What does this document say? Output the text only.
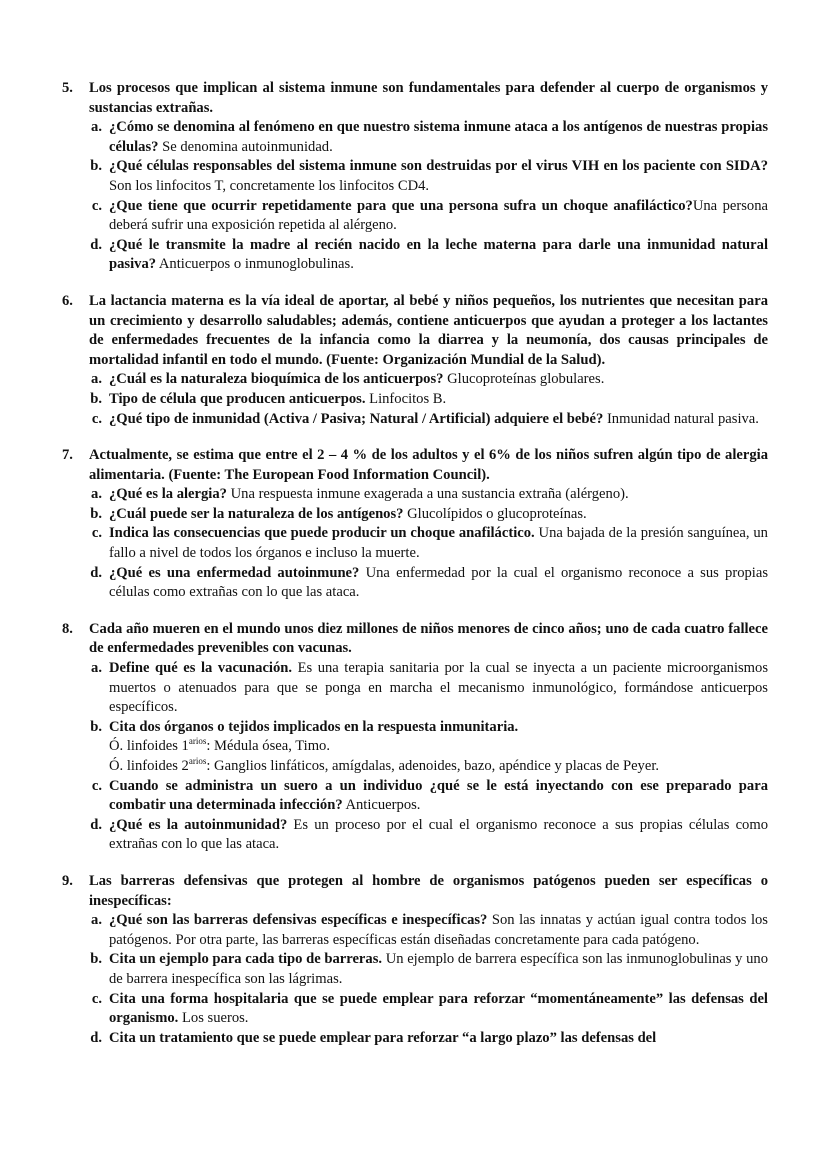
5.	Los procesos que implican al sistema inmune son fundamentales para defender al cuerpo de organismos y sustancias extrañas.
a. ¿Cómo se denomina al fenómeno en que nuestro sistema inmune ataca a los antígenos de nuestras propias células? Se denomina autoinmunidad.
b. ¿Qué células responsables del sistema inmune son destruidas por el virus VIH en los paciente con SIDA? Son los linfocitos T, concretamente los linfocitos CD4.
c. ¿Que tiene que ocurrir repetidamente para que una persona sufra un choque anafiláctico?Una persona deberá sufrir una exposición repetida al alérgeno.
d. ¿Qué le transmite la madre al recién nacido en la leche materna para darle una inmunidad natural pasiva? Anticuerpos o inmunoglobulinas.
6.	La lactancia materna es la vía ideal de aportar, al bebé y niños pequeños, los nutrientes que necesitan para un crecimiento y desarrollo saludables; además, contiene anticuerpos que ayudan a proteger a los lactantes de enfermedades frecuentes de la infancia como la diarrea y la neumonía, dos causas principales de mortalidad infantil en todo el mundo. (Fuente: Organización Mundial de la Salud).
a. ¿Cuál es la naturaleza bioquímica de los anticuerpos? Glucoproteínas globulares.
b. Tipo de célula que producen anticuerpos. Linfocitos B.
c. ¿Qué tipo de inmunidad (Activa / Pasiva; Natural / Artificial) adquiere el bebé? Inmunidad natural pasiva.
7.	Actualmente, se estima que entre el 2 – 4 % de los adultos y el 6% de los niños sufren algún tipo de alergia alimentaria. (Fuente: The European Food Information Council).
a. ¿Qué es la alergia? Una respuesta inmune exagerada a una sustancia extraña (alérgeno).
b. ¿Cuál puede ser la naturaleza de los antígenos? Glucolípidos o glucoproteínas.
c. Indica las consecuencias que puede producir un choque anafiláctico. Una bajada de la presión sanguínea, un fallo a nivel de todos los órganos e incluso la muerte.
d. ¿Qué es una enfermedad autoinmune? Una enfermedad por la cual el organismo reconoce a sus propias células como extrañas con lo que las ataca.
8.	Cada año mueren en el mundo unos diez millones de niños menores de cinco años; uno de cada cuatro fallece de enfermedades prevenibles con vacunas.
a. Define qué es la vacunación. Es una terapia sanitaria por la cual se inyecta a un paciente microorganismos muertos o atenuados para que se ponga en marcha el mecanismo inmunológico, formándose anticuerpos específicos.
b. Cita dos órganos o tejidos implicados en la respuesta inmunitaria.
Ó. linfoides $1^{arios}$: Médula ósea, Timo.
Ó. linfoides $2^{arios}$: Ganglios linfáticos, amígdalas, adenoides, bazo, apéndice y placas de Peyer.
c. Cuando se administra un suero a un individuo ¿qué se le está inyectando con ese preparado para combatir una determinada infección? Anticuerpos.
d. ¿Qué es la autoinmunidad? Es un proceso por el cual el organismo reconoce a sus propias células como extrañas con lo que las ataca.
9.	Las barreras defensivas que protegen al hombre de organismos patógenos pueden ser específicas o inespecíficas:
a. ¿Qué son las barreras defensivas específicas e inespecíficas? Son las innatas y actúan igual contra todos los patógenos. Por otra parte, las barreras específicas están diseñadas concretamente para cada patógeno.
b. Cita un ejemplo para cada tipo de barreras. Un ejemplo de barrera específica son las inmunoglobulinas y uno de barrera inespecífica son las lágrimas.
c. Cita una forma hospitalaria que se puede emplear para reforzar “momentáneamente” las defensas del organismo. Los sueros.
d. Cita un tratamiento que se puede emplear para reforzar “a largo plazo” las defensas del
